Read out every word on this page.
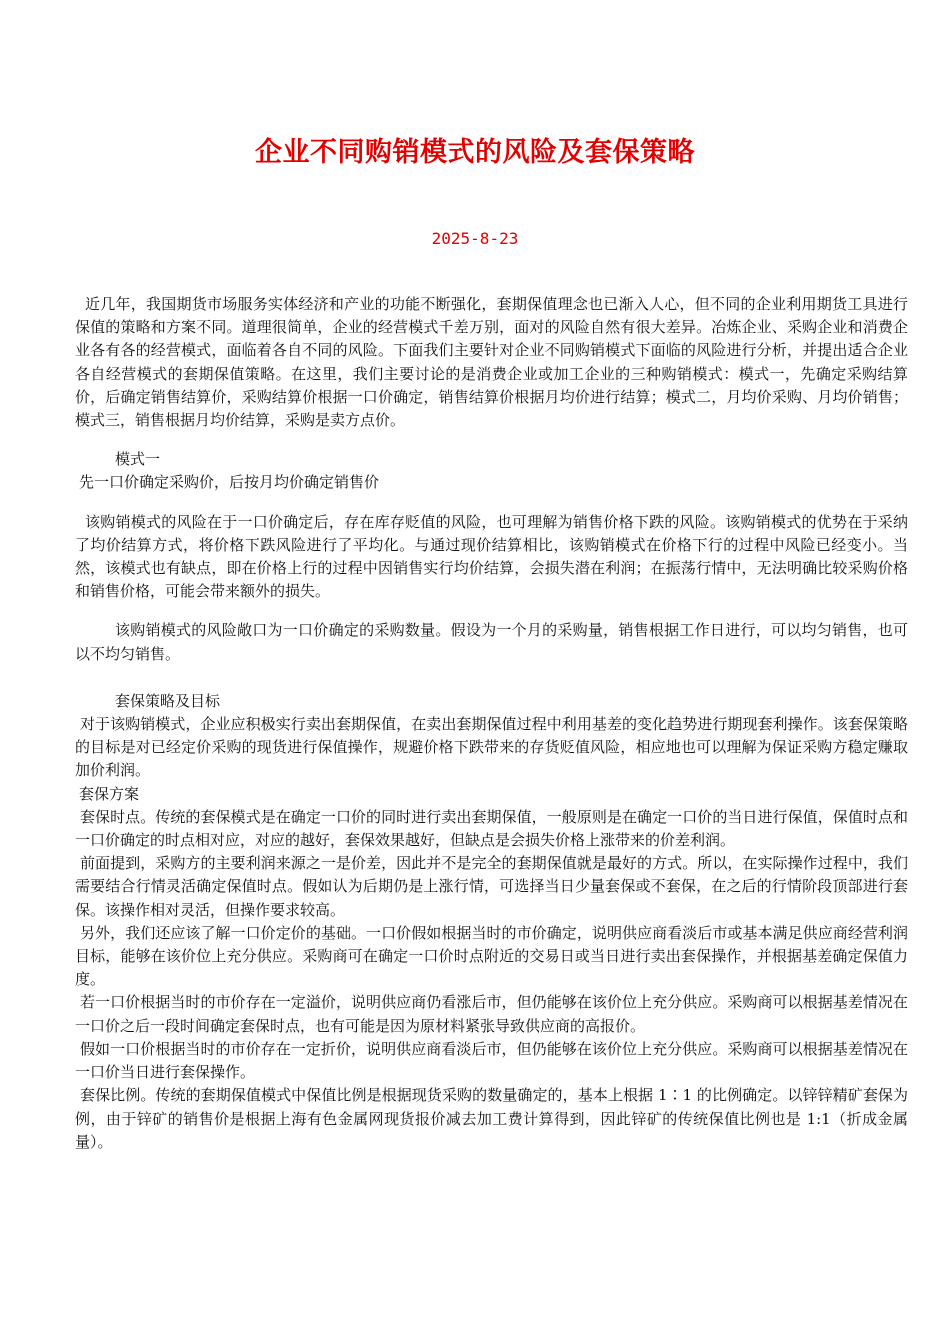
企业不同购销模式的风险及套保策略
2025-8-23

近几年，我国期货市场服务实体经济和产业的功能不断强化，套期保值理念也已渐入人心，但不同的企业利用期货工具进行保值的策略和方案不同。道理很简单，企业的经营模式千差万别，面对的风险自然有很大差异。冶炼企业、采购企业和消费企业各有各的经营模式，面临着各自不同的风险。下面我们主要针对企业不同购销模式下面临的风险进行分析，并提出适合企业各自经营模式的套期保值策略。在这里，我们主要讨论的是消费企业或加工企业的三种购销模式：模式一，先确定采购结算价，后确定销售结算价，采购结算价根据一口价确定，销售结算价根据月均价进行结算；模式二，月均价采购、月均价销售；模式三，销售根据月均价结算，采购是卖方点价。

模式一

先一口价确定采购价，后按月均价确定销售价

该购销模式的风险在于一口价确定后，存在库存贬值的风险，也可理解为销售价格下跌的风险。该购销模式的优势在于采纳了均价结算方式，将价格下跌风险进行了平均化。与通过现价结算相比，该购销模式在价格下行的过程中风险已经变小。当然，该模式也有缺点，即在价格上行的过程中因销售实行均价结算，会损失潜在利润；在振荡行情中，无法明确比较采购价格和销售价格，可能会带来额外的损失。

该购销模式的风险敞口为一口价确定的采购数量。假设为一个月的采购量，销售根据工作日进行，可以均匀销售，也可以不均匀销售。

套保策略及目标

对于该购销模式，企业应积极实行卖出套期保值，在卖出套期保值过程中利用基差的变化趋势进行期现套利操作。该套保策略的目标是对已经定价采购的现货进行保值操作，规避价格下跌带来的存货贬值风险，相应地也可以理解为保证采购方稳定赚取加价利润。

套保方案

套保时点。传统的套保模式是在确定一口价的同时进行卖出套期保值，一般原则是在确定一口价的当日进行保值，保值时点和一口价确定的时点相对应，对应的越好，套保效果越好，但缺点是会损失价格上涨带来的价差利润。

前面提到，采购方的主要利润来源之一是价差，因此并不是完全的套期保值就是最好的方式。所以，在实际操作过程中，我们需要结合行情灵活确定保值时点。假如认为后期仍是上涨行情，可选择当日少量套保或不套保，在之后的行情阶段顶部进行套保。该操作相对灵活，但操作要求较高。

另外，我们还应该了解一口价定价的基础。一口价假如根据当时的市价确定，说明供应商看淡后市或基本满足供应商经营利润目标，能够在该价位上充分供应。采购商可在确定一口价时点附近的交易日或当日进行卖出套保操作，并根据基差确定保值力度。

若一口价根据当时的市价存在一定溢价，说明供应商仍看涨后市，但仍能够在该价位上充分供应。采购商可以根据基差情况在一口价之后一段时间确定套保时点，也有可能是因为原材料紧张导致供应商的高报价。

假如一口价根据当时的市价存在一定折价，说明供应商看淡后市，但仍能够在该价位上充分供应。采购商可以根据基差情况在一口价当日进行套保操作。

套保比例。传统的套期保值模式中保值比例是根据现货采购的数量确定的，基本上根据 1∶1 的比例确定。以锌锌精矿套保为例，由于锌矿的销售价是根据上海有色金属网现货报价减去加工费计算得到，因此锌矿的传统保值比例也是 1:1（折成金属量）。
